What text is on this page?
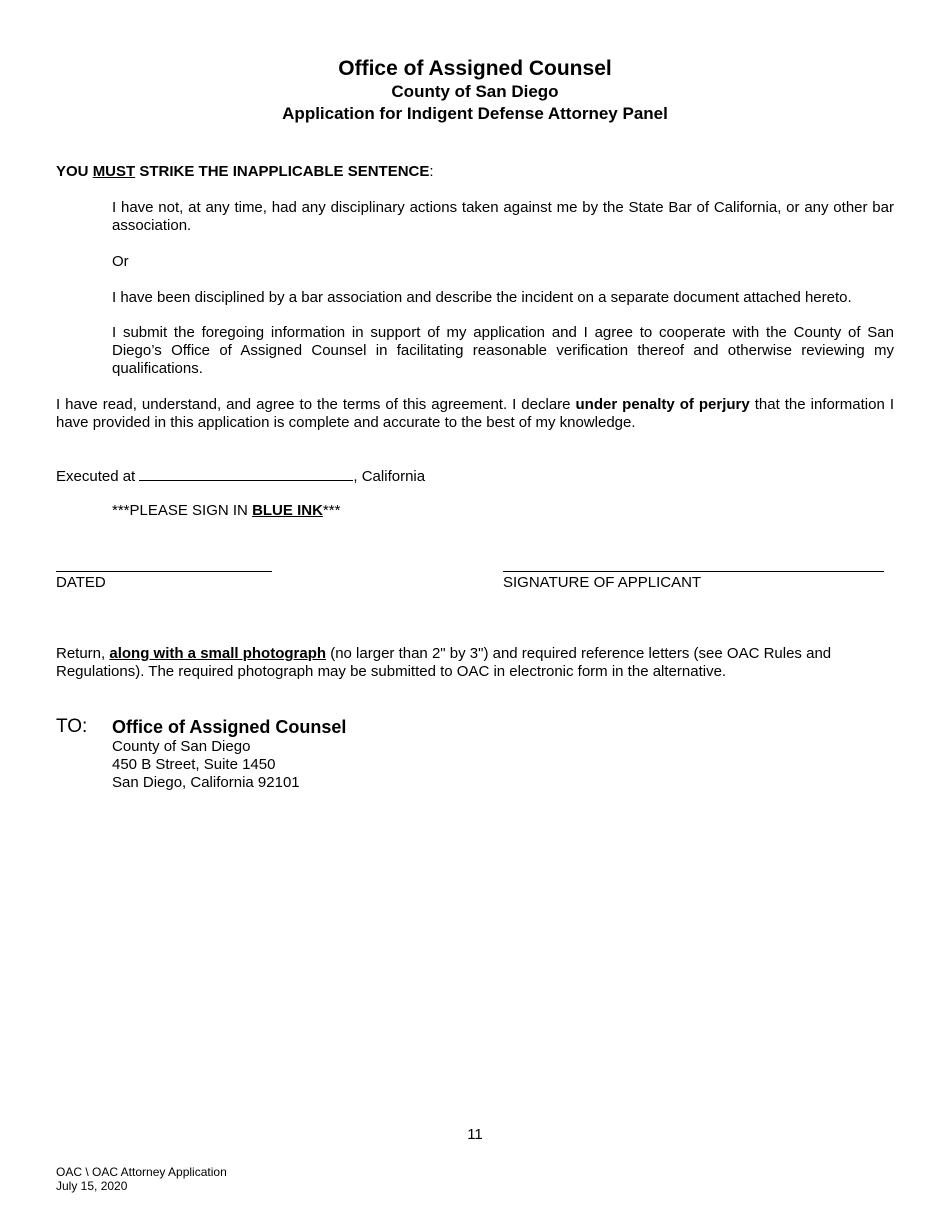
Office of Assigned Counsel
County of San Diego
Application for Indigent Defense Attorney Panel
YOU MUST STRIKE THE INAPPLICABLE SENTENCE:
I have not, at any time, had any disciplinary actions taken against me by the State Bar of California, or any other bar association.
Or
I have been disciplined by a bar association and describe the incident on a separate document attached hereto.
I submit the foregoing information in support of my application and I agree to cooperate with the County of San Diego’s Office of Assigned Counsel in facilitating reasonable verification thereof and otherwise reviewing my qualifications.
I have read, understand, and agree to the terms of this agreement. I declare under penalty of perjury that the information I have provided in this application is complete and accurate to the best of my knowledge.
Executed at	, California
***PLEASE SIGN IN BLUE INK***
DATED	SIGNATURE OF APPLICANT
Return, along with a small photograph (no larger than 2" by 3") and required reference letters (see OAC Rules and Regulations). The required photograph may be submitted to OAC in electronic form in the alternative.
TO: Office of Assigned Counsel
County of San Diego
450 B Street, Suite 1450
San Diego, California 92101
11
OAC \ OAC Attorney Application
July 15, 2020
